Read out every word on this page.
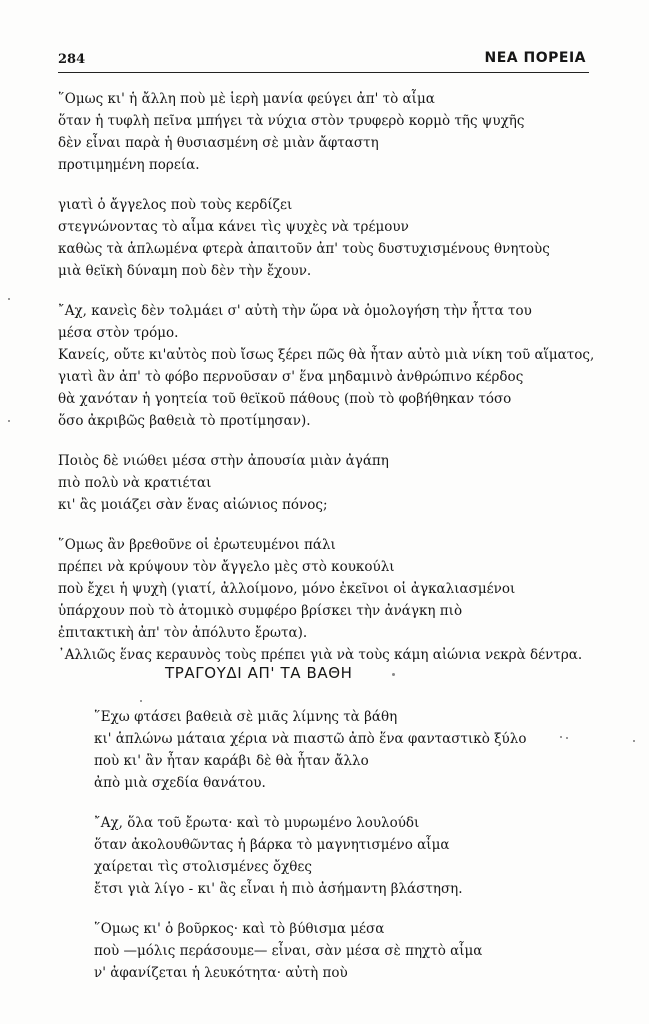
284	ΝΕΑ ΠΟΡΕΙΑ
῞Ομως κι' ἡ ἄλλη ποὺ μὲ ἱερὴ μανία φεύγει ἀπ' τὸ αἷμα
ὅταν ἡ τυφλὴ πεῖνα μπήγει τὰ νύχια στὸν τρυφερὸ κορμὸ τῆς ψυχῆς
δὲν εἶναι παρὰ ἡ θυσιασμένη σὲ μιὰν ἄφταστη
προτιμημένη πορεία.
γιατὶ ὁ ἄγγελος ποὺ τοὺς κερδίζει
στεγνώνοντας τὸ αἷμα κάνει τὶς ψυχὲς νὰ τρέμουν
καθὼς τὰ ἁπλωμένα φτερὰ ἀπαιτοῦν ἀπ' τοὺς δυστυχισμένους θνητοὺς
μιὰ θεϊκὴ δύναμη ποὺ δὲν τὴν ἔχουν.
῎Αχ, κανεὶς δὲν τολμάει σ' αὐτὴ τὴν ὥρα νὰ ὁμολογήση τὴν ἧττα του
μέσα στὸν τρόμο.
Κανείς, οὔτε κι'αὐτὸς ποὺ ἴσως ξέρει πῶς θὰ ἦταν αὐτὸ μιὰ νίκη τοῦ αἵματος,
γιατὶ ἂν ἀπ' τὸ φόβο περνοῦσαν σ' ἕνα μηδαμινὸ ἀνθρώπινο κέρδος
θὰ χανόταν ἡ γοητεία τοῦ θεϊκοῦ πάθους (ποὺ τὸ φοβήθηκαν τόσο
ὅσο ἀκριβῶς βαθειὰ τὸ προτίμησαν).
Ποιὸς δὲ νιώθει μέσα στὴν ἀπουσία μιὰν ἀγάπη
πιὸ πολὺ νὰ κρατιέται
κι' ἂς μοιάζει σὰν ἕνας αἰώνιος πόνος;
῞Ομως ἂν βρεθοῦνε οἱ ἐρωτευμένοι πάλι
πρέπει νὰ κρύψουν τὸν ἄγγελο μὲς στὸ κουκούλι
ποὺ ἔχει ἡ ψυχὴ (γιατί, ἀλλοίμονο, μόνο ἐκεῖνοι οἱ ἀγκαλιασμένοι
ὑπάρχουν ποὺ τὸ ἀτομικὸ συμφέρο βρίσκει τὴν ἀνάγκη πιὸ
ἐπιτακτικὴ ἀπ' τὸν ἀπόλυτο ἔρωτα).
᾿Αλλιῶς ἕνας κεραυνὸς τοὺς πρέπει γιὰ νὰ τοὺς κάμη αἰώνια νεκρὰ δέντρα.
ΤΡΑΓΟΥΔΙ ΑΠ' ΤΑ ΒΑΘΗ
῞Εχω φτάσει βαθειὰ σὲ μιᾶς λίμνης τὰ βάθη
κι' ἁπλώνω μάταια χέρια νὰ πιαστῶ ἀπὸ ἕνα φανταστικὸ ξύλο
ποὺ κι' ἂν ἦταν καράβι δὲ θὰ ἦταν ἄλλο
ἀπὸ μιὰ σχεδία θανάτου.
῎Αχ, ὅλα τοῦ ἔρωτα· καὶ τὸ μυρωμένο λουλούδι
ὅταν ἀκολουθῶντας ἡ βάρκα τὸ μαγνητισμένο αἷμα
χαίρεται τὶς στολισμένες ὄχθες
ἔτσι γιὰ λίγο - κι' ἂς εἶναι ἡ πιὸ ἀσήμαντη βλάστηση.
῞Ομως κι' ὁ βοῦρκος· καὶ τὸ βύθισμα μέσα
ποὺ —μόλις περάσουμε— εἶναι, σὰν μέσα σὲ πηχτὸ αἷμα
ν' ἀφανίζεται ἡ λευκότητα· αὐτὴ ποὺ
